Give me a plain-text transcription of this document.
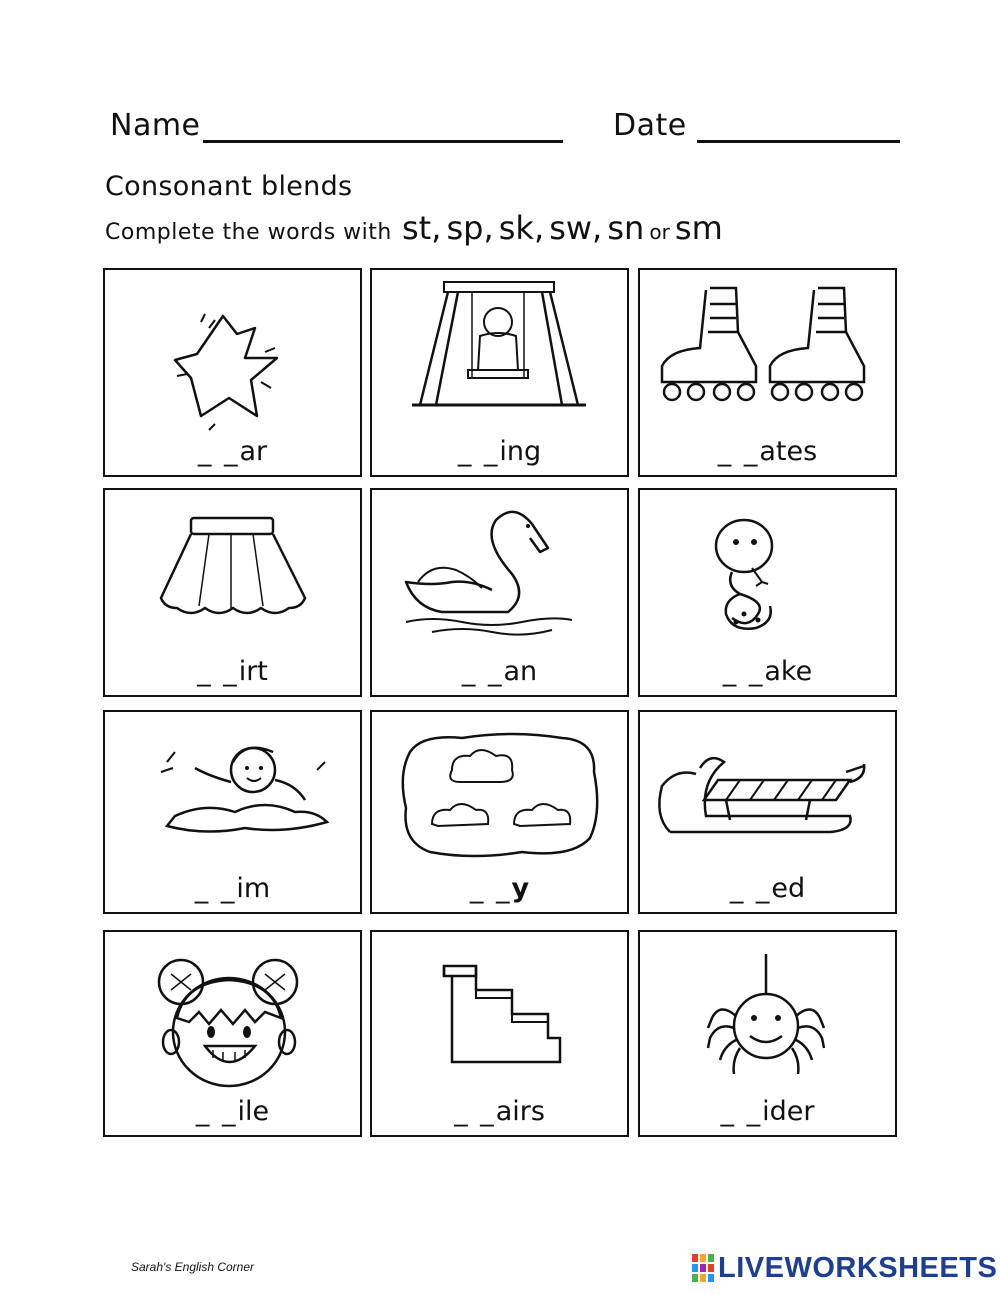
Name	Date
Consonant blends
Complete the words with st, sp, sk, sw, sn or sm
_ _ar	_ _ing	_ _ates
_ _irt	_ _an	_ _ake
_ _im	_ _y	_ _ed
_ _ile	_ _airs	_ _ider
Sarah's English Corner	LIVEWORKSHEETS
